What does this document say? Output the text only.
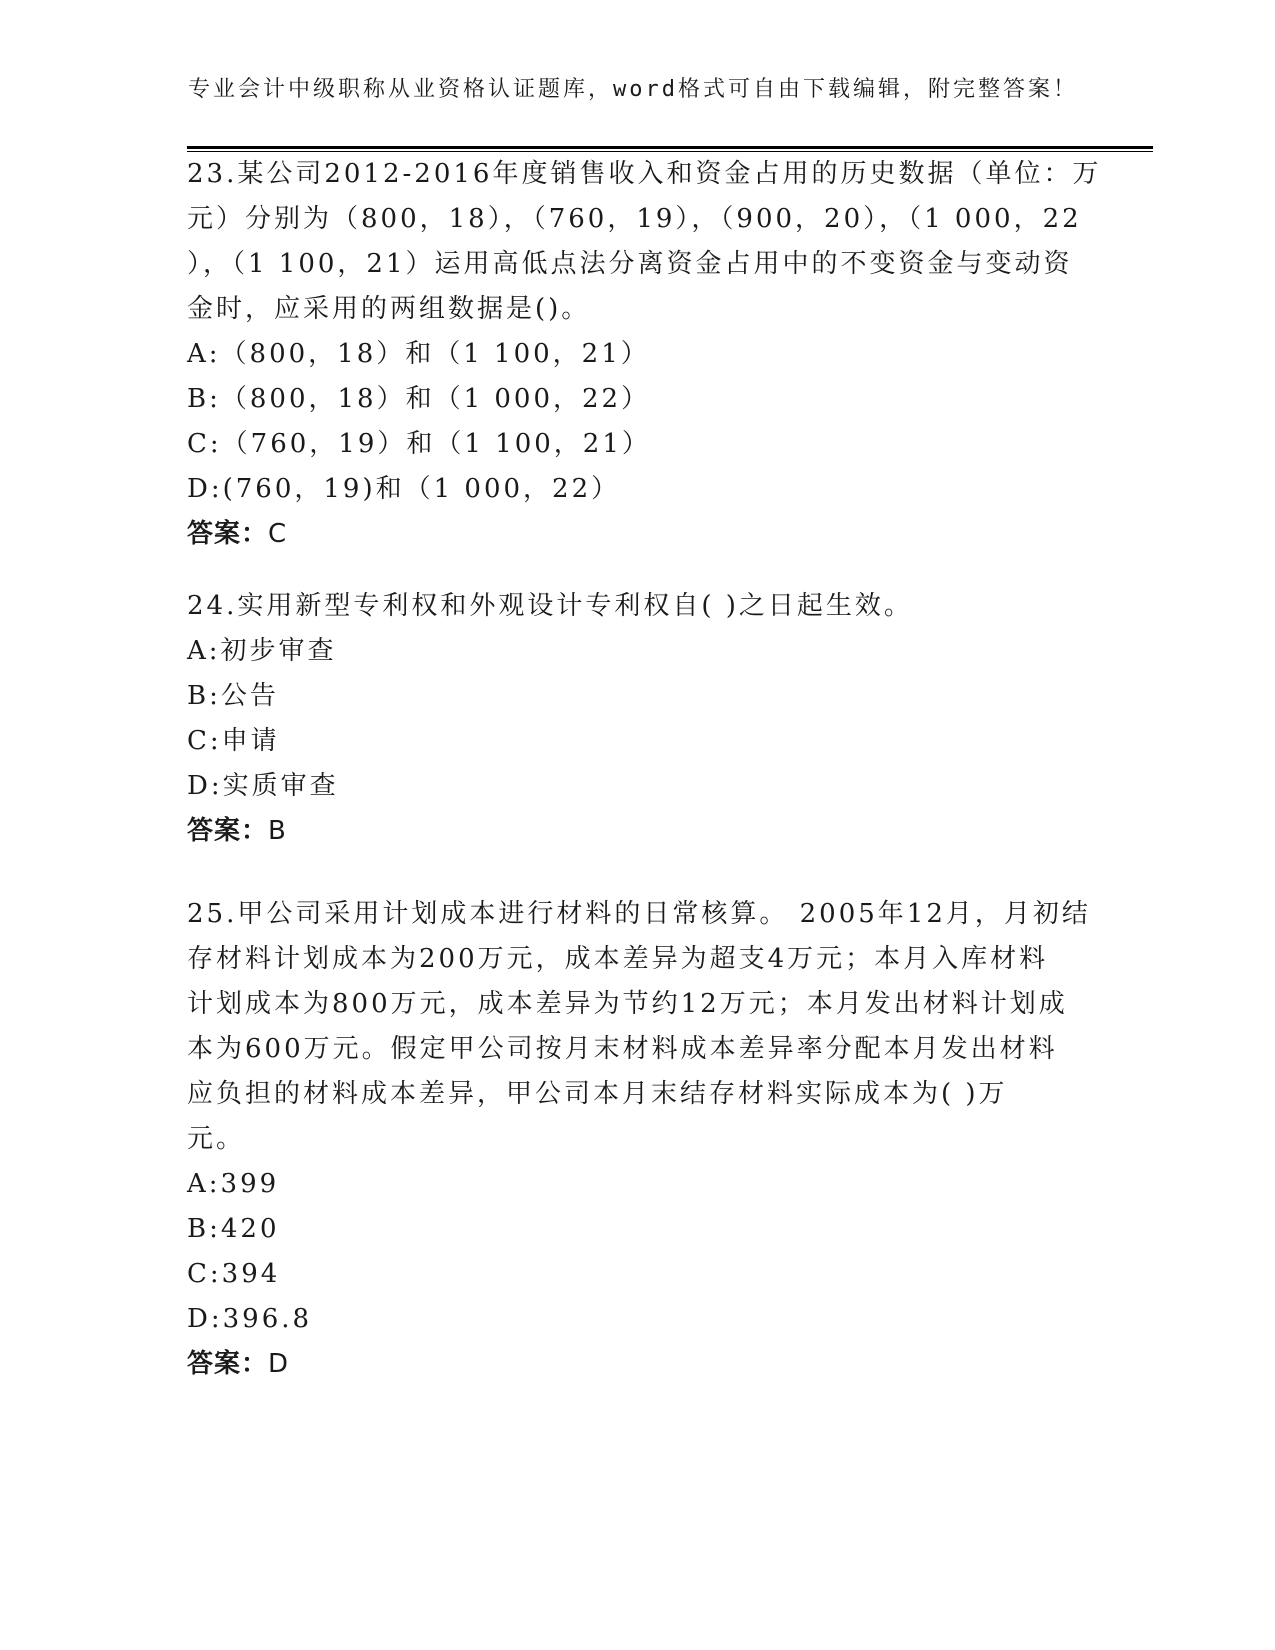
专业会计中级职称从业资格认证题库，word格式可自由下载编辑，附完整答案！
23.某公司2012-2016年度销售收入和资金占用的历史数据（单位：万
元）分别为（800，18），（760，19），（900，20），（1 000，22
），（1 100，21）运用高低点法分离资金占用中的不变资金与变动资
金时，应采用的两组数据是()。
A:（800，18）和（1 100，21）
B:（800，18）和（1 000，22）
C:（760，19）和（1 100，21）
D:(760，19)和（1 000，22）
答案：C
24.实用新型专利权和外观设计专利权自( )之日起生效。
A:初步审查
B:公告
C:申请
D:实质审查
答案：B
25.甲公司采用计划成本进行材料的日常核算。 2005年12月，月初结
存材料计划成本为200万元，成本差异为超支4万元；本月入库材料
计划成本为800万元，成本差异为节约12万元；本月发出材料计划成
本为600万元。假定甲公司按月末材料成本差异率分配本月发出材料
应负担的材料成本差异，甲公司本月末结存材料实际成本为( )万
元。
A:399
B:420
C:394
D:396.8
答案：D
